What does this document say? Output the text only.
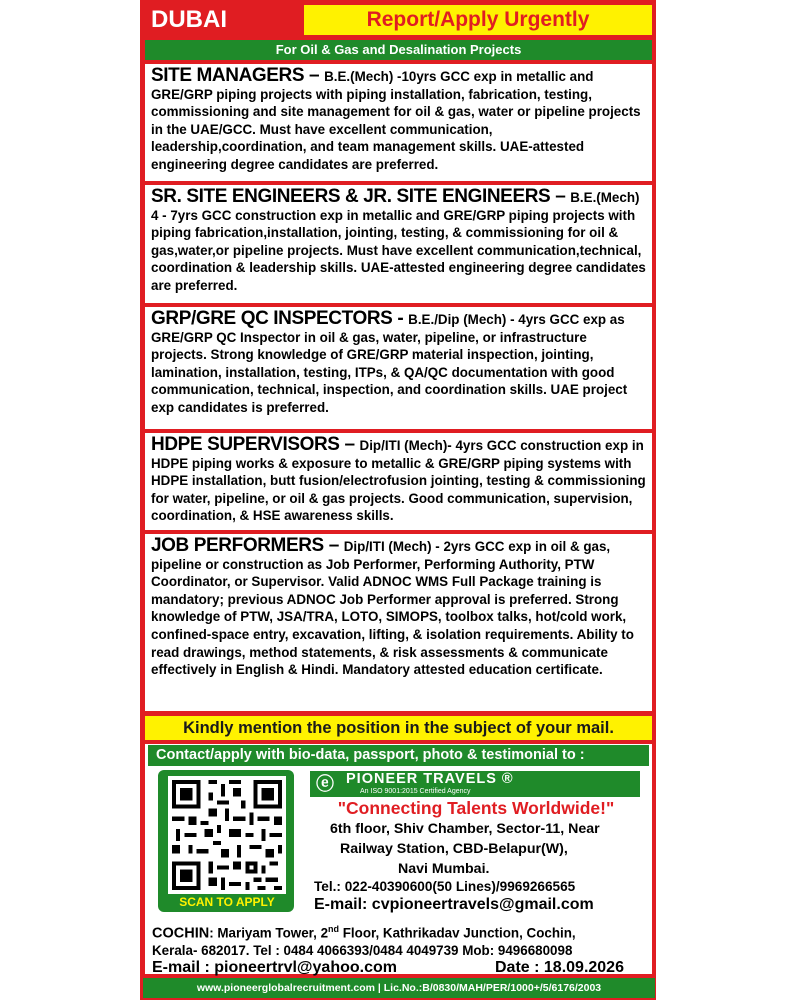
DUBAI	Report/Apply Urgently
For Oil & Gas and Desalination Projects
SITE MANAGERS – B.E.(Mech) -10yrs GCC exp in metallic and GRE/GRP piping projects with piping installation, fabrication, testing, commissioning and site management for oil & gas, water or pipeline projects in the UAE/GCC. Must have excellent communication, leadership,coordination, and team management skills. UAE-attested engineering degree candidates are preferred.
SR. SITE ENGINEERS & JR. SITE ENGINEERS – B.E.(Mech) 4 - 7yrs GCC construction exp in metallic and GRE/GRP piping projects with piping fabrication,installation, jointing, testing, & commissioning for oil & gas,water,or pipeline projects. Must have excellent communication,technical, coordination & leadership skills. UAE-attested engineering degree candidates are preferred.
GRP/GRE QC INSPECTORS - B.E./Dip (Mech) - 4yrs GCC exp as GRE/GRP QC Inspector in oil & gas, water, pipeline, or infrastructure projects. Strong knowledge of GRE/GRP material inspection, jointing, lamination, installation, testing, ITPs, & QA/QC documentation with good communication, technical, inspection, and coordination skills. UAE project exp candidates is preferred.
HDPE SUPERVISORS – Dip/ITI (Mech)- 4yrs GCC construction exp in HDPE piping works & exposure to metallic & GRE/GRP piping systems with HDPE installation, butt fusion/electrofusion jointing, testing & commissioning for water, pipeline, or oil & gas projects. Good communication, supervision, coordination, & HSE awareness skills.
JOB PERFORMERS – Dip/ITI (Mech) - 2yrs GCC exp in oil & gas, pipeline or construction as Job Performer, Performing Authority, PTW Coordinator, or Supervisor. Valid ADNOC WMS Full Package training is mandatory; previous ADNOC Job Performer approval is preferred. Strong knowledge of PTW, JSA/TRA, LOTO, SIMOPS, toolbox talks, hot/cold work, confined-space entry, excavation, lifting, & isolation requirements. Ability to read drawings, method statements, & risk assessments & communicate effectively in English & Hindi. Mandatory attested education certificate.
Kindly mention the position in the subject of your mail.
Contact/apply with bio-data, passport, photo & testimonial to :
SCAN TO APPLY
ⓔ PIONEER TRAVELS ®
An ISO 9001:2015 Certified Agency
"Connecting Talents Worldwide!"
6th floor, Shiv Chamber, Sector-11, Near
Railway Station, CBD-Belapur(W),
Navi Mumbai.
Tel.: 022-40390600(50 Lines)/9969266565
E-mail: cvpioneertravels@gmail.com
COCHIN: Mariyam Tower, 2nd Floor, Kathrikadav Junction, Cochin,
Kerala- 682017. Tel : 0484 4066393/0484 4049739 Mob: 9496680098
E-mail : pioneertrvl@yahoo.com	Date : 18.09.2026
www.pioneerglobalrecruitment.com | Lic.No.:B/0830/MAH/PER/1000+/5/6176/2003
